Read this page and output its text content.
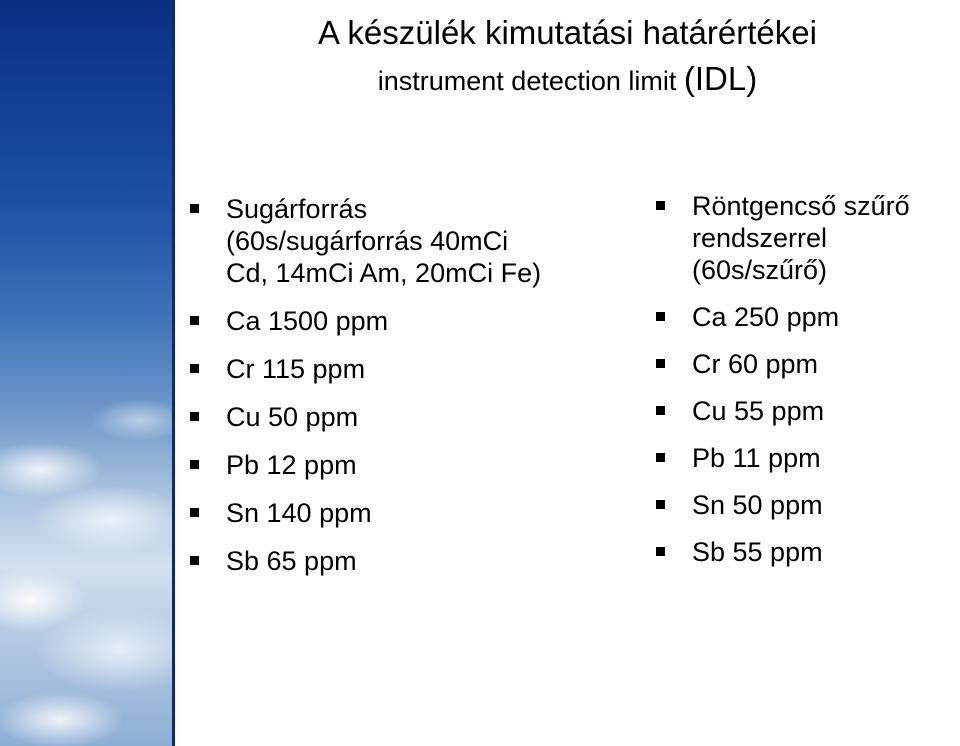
A készülék kimutatási határértékei
instrument detection limit (IDL)
Sugárforrás
(60s/sugárforrás 40mCi
Cd, 14mCi Am, 20mCi Fe)
Ca 1500 ppm
Cr 115 ppm
Cu 50 ppm
Pb 12 ppm
Sn 140 ppm
Sb 65 ppm
Röntgencső szűrő
rendszerrel
(60s/szűrő)
Ca 250 ppm
Cr 60 ppm
Cu 55 ppm
Pb 11 ppm
Sn 50 ppm
Sb 55 ppm
